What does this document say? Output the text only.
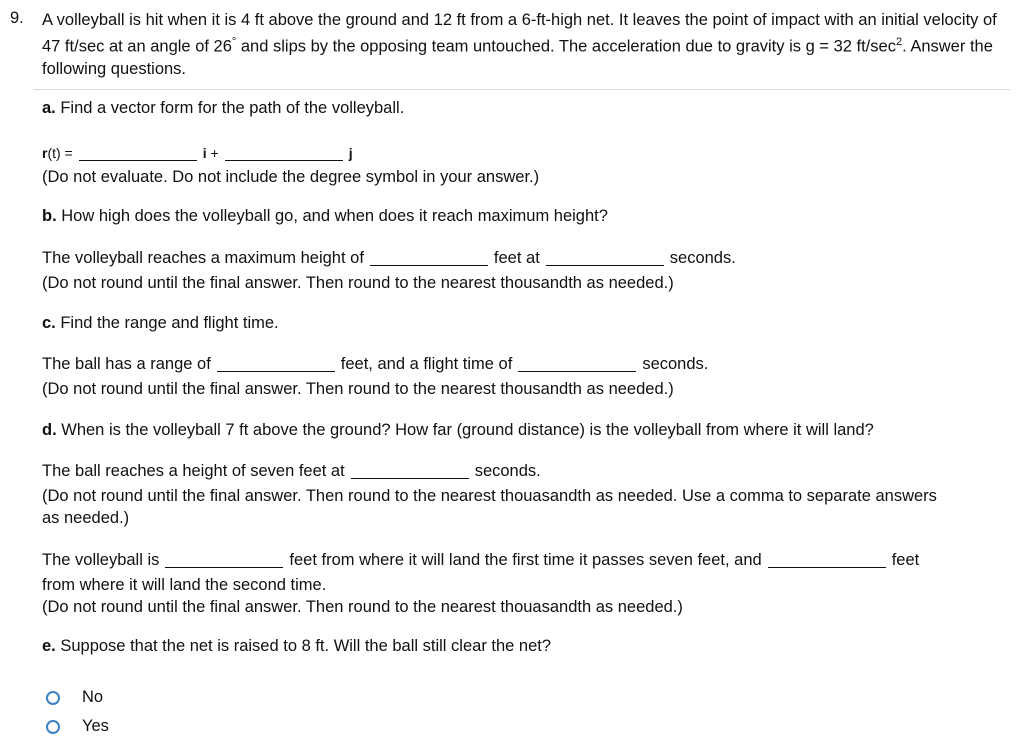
9. A volleyball is hit when it is 4 ft above the ground and 12 ft from a 6-ft-high net. It leaves the point of impact with an initial velocity of 47 ft/sec at an angle of 26° and slips by the opposing team untouched. The acceleration due to gravity is g = 32 $ft/\sec^2$. Answer the following questions.
a. Find a vector form for the path of the volleyball.
r(t) =	i +	j
(Do not evaluate. Do not include the degree symbol in your answer.)
b. How high does the volleyball go, and when does it reach maximum height?
The volleyball reaches a maximum height of	feet at	seconds.
(Do not round until the final answer. Then round to the nearest thousandth as needed.)
c. Find the range and flight time.
The ball has a range of	feet, and a flight time of	seconds.
(Do not round until the final answer. Then round to the nearest thousandth as needed.)
d. When is the volleyball 7 ft above the ground? How far (ground distance) is the volleyball from where it will land?
The ball reaches a height of seven feet at	seconds.
(Do not round until the final answer. Then round to the nearest thouasandth as needed. Use a comma to separate answers
as needed.)
The volleyball is	feet from where it will land the first time it passes seven feet, and	feet
from where it will land the second time.
(Do not round until the final answer. Then round to the nearest thouasandth as needed.)
e. Suppose that the net is raised to 8 ft. Will the ball still clear the net?
No
Yes
